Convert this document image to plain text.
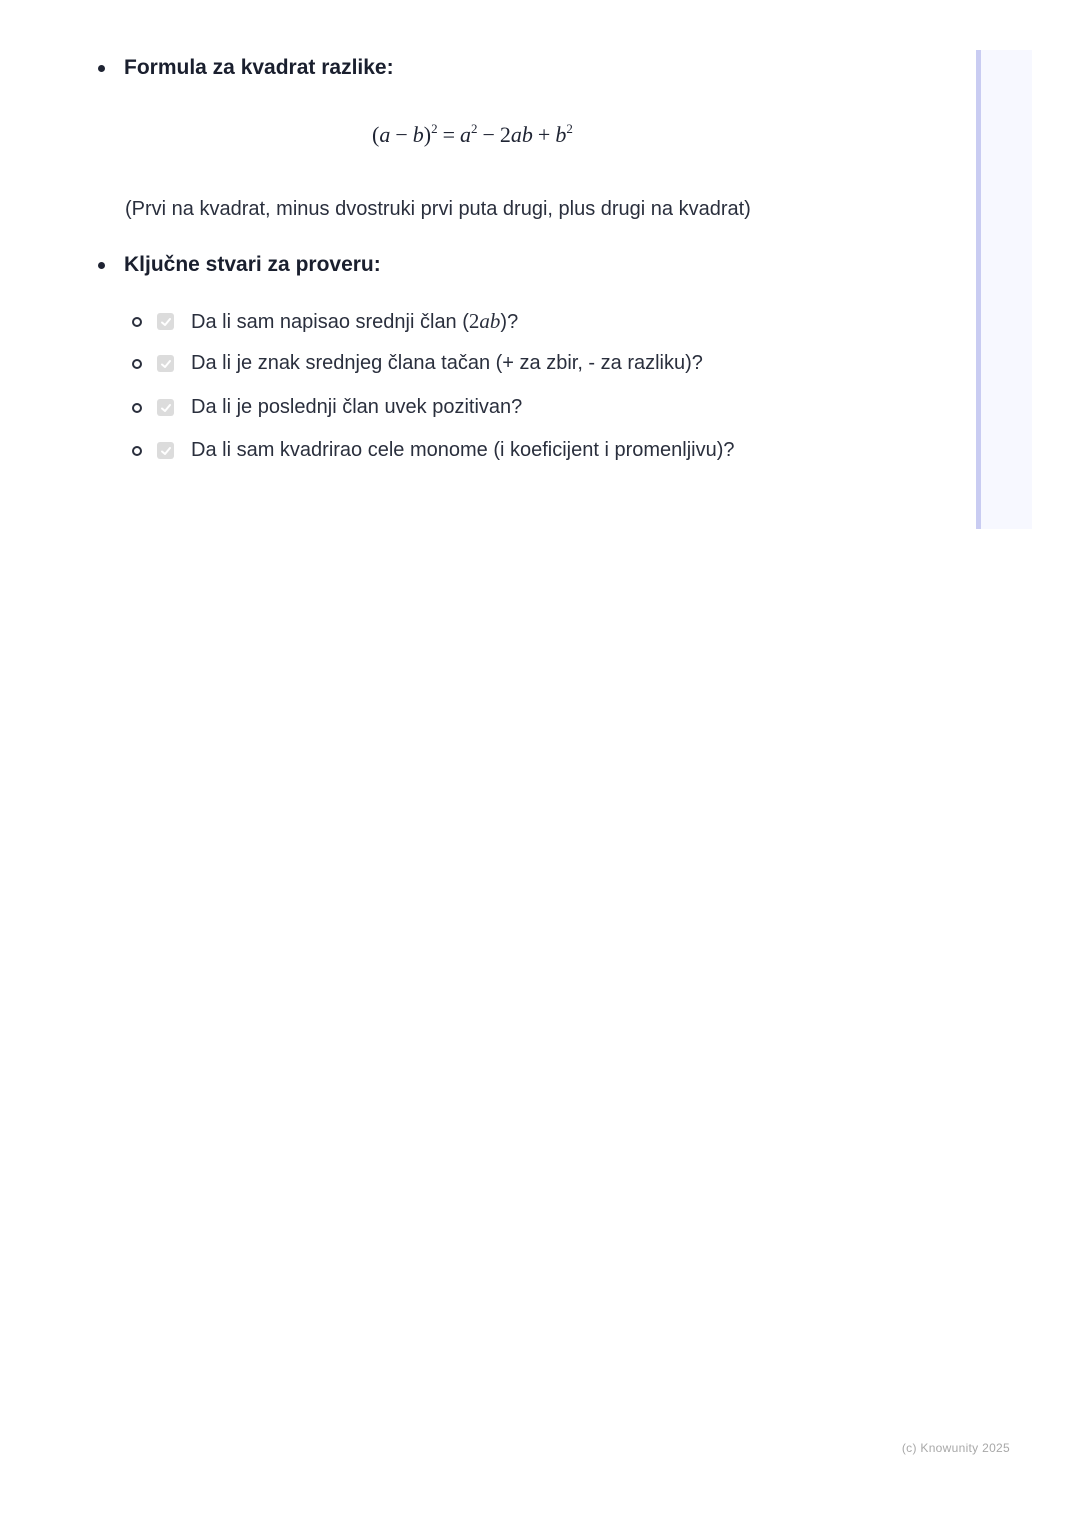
Formula za kvadrat razlike:
$(a - b)^2 = a^2 - 2ab + b^2$
(Prvi na kvadrat, minus dvostruki prvi puta drugi, plus drugi na kvadrat)
Ključne stvari za proveru:
Da li sam napisao srednji član (2ab)?
Da li je znak srednjeg člana tačan (+ za zbir, - za razliku)?
Da li je poslednji član uvek pozitivan?
Da li sam kvadrirao cele monome (i koeficijent i promenljivu)?
(c) Knowunity 2025
